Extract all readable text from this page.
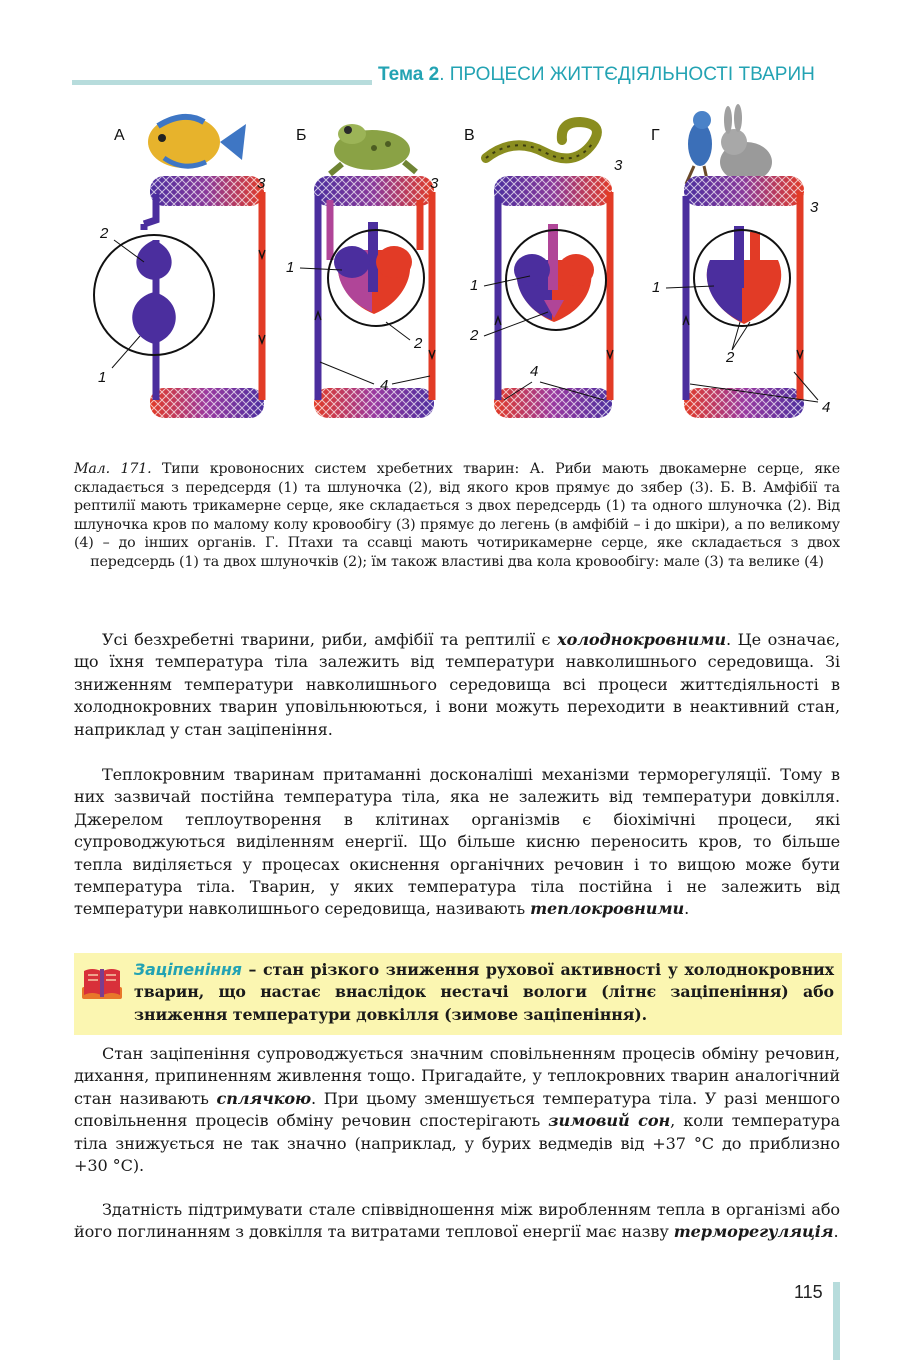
Тема 2. ПРОЦЕСИ ЖИТТЄДІЯЛЬНОСТІ ТВАРИН
А	Б	В	Г
3
2
1
3
1
2
4
3
1
2
4
3
1
2
4
Мал. 171. Типи кровоносних систем хребетних тварин: А. Риби мають двокамерне серце, яке складається з передсердя (1) та шлуночка (2), від якого кров прямує до зябер (3). Б. В. Амфібії та рептилії мають трикамерне серце, яке складається з двох передсердь (1) та одного шлуночка (2). Від шлуночка кров по малому колу кровообігу (3) прямує до легень (в амфібій – і до шкіри), а по великому (4) – до інших органів. Г. Птахи та ссавці мають чотирикамерне серце, яке складається з двох передсердь (1) та двох шлуночків (2); їм також властиві два кола кровообігу: мале (3) та велике (4)
Усі безхребетні тварини, риби, амфібії та рептилії є холоднокровними. Це означає, що їхня температура тіла залежить від температури навколишнього середовища. Зі зниженням температури навколишнього середовища всі процеси життєдіяльності в холоднокровних тварин уповільнюються, і вони можуть переходити в неактивний стан, наприклад у стан заціпеніння.
Теплокровним тваринам притаманні досконаліші механізми терморегуляції. Тому в них зазвичай постійна температура тіла, яка не залежить від температури довкілля. Джерелом теплоутворення в клітинах організмів є біохімічні процеси, які супроводжуються виділенням енергії. Що більше кисню переносить кров, то більше тепла виділяється у процесах окиснення органічних речовин і то вищою може бути температура тіла. Тварин, у яких температура тіла постійна і не залежить від температури навколишнього середовища, називають теплокровними.
Заціпеніння – стан різкого зниження рухової активності у холоднокровних тварин, що настає внаслідок нестачі вологи (літнє заціпеніння) або зниження температури довкілля (зимове заціпеніння).
Стан заціпеніння супроводжується значним сповільненням процесів обміну речовин, дихання, припиненням живлення тощо. Пригадайте, у теплокровних тварин аналогічний стан називають сплячкою. При цьому зменшується температура тіла. У разі меншого сповільнення процесів обміну речовин спостерігають зимовий сон, коли температура тіла знижується не так значно (наприклад, у бурих ведмедів від +37 °С до приблизно +30 °С).
Здатність підтримувати стале співвідношення між виробленням тепла в організмі або його поглинанням з довкілля та витратами теплової енергії має назву терморегуляція.
115
